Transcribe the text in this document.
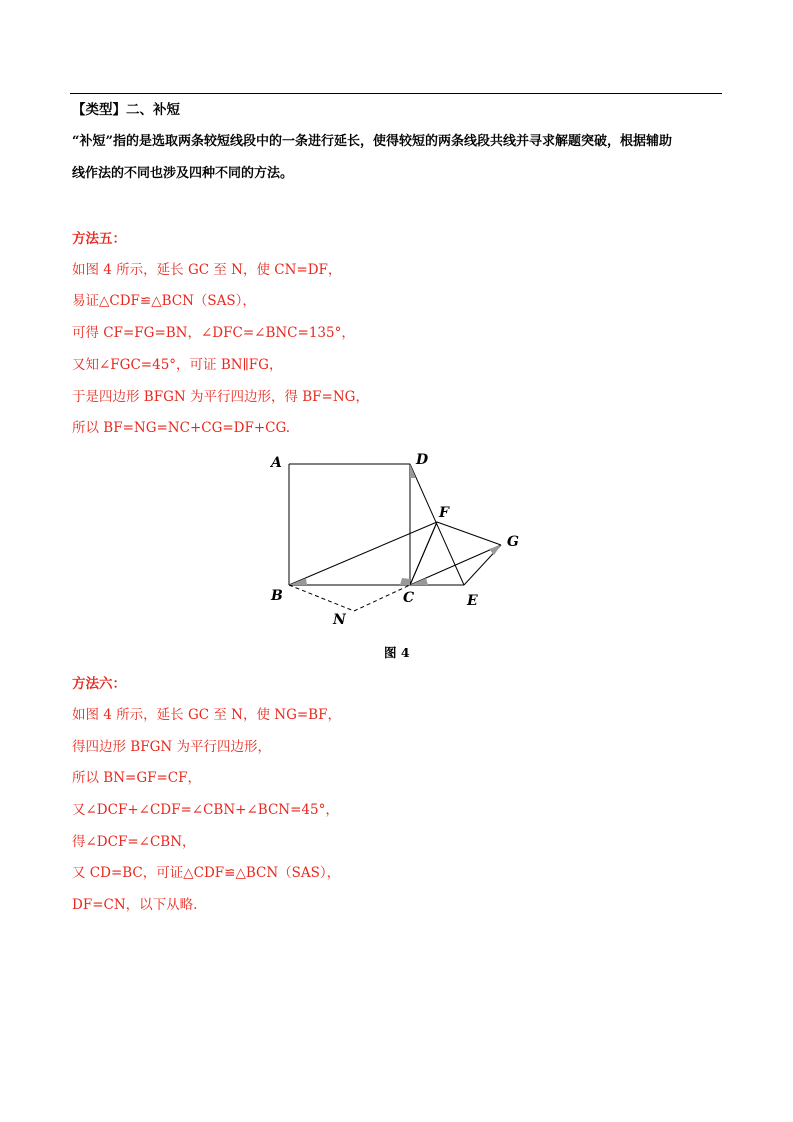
【类型】二、补短
“补短”指的是选取两条较短线段中的一条进行延长，使得较短的两条线段共线并寻求解题突破，根据辅助
线作法的不同也涉及四种不同的方法。
方法五：
如图 4 所示，延长 GC 至 N，使 CN=DF，
易证△CDF≌△BCN（SAS），
可得 CF=FG=BN，∠DFC=∠BNC=135°，
又知∠FGC=45°，可证 BN∥FG，
于是四边形 BFGN 为平行四边形，得 BF=NG，
所以 BF=NG=NC+CG=DF+CG.
A	D
F
G
B	C	E
N
图 4
方法六：
如图 4 所示，延长 GC 至 N，使 NG=BF，
得四边形 BFGN 为平行四边形，
所以 BN=GF=CF，
又∠DCF+∠CDF=∠CBN+∠BCN=45°，
得∠DCF=∠CBN，
又 CD=BC，可证△CDF≌△BCN（SAS），
DF=CN，以下从略.
